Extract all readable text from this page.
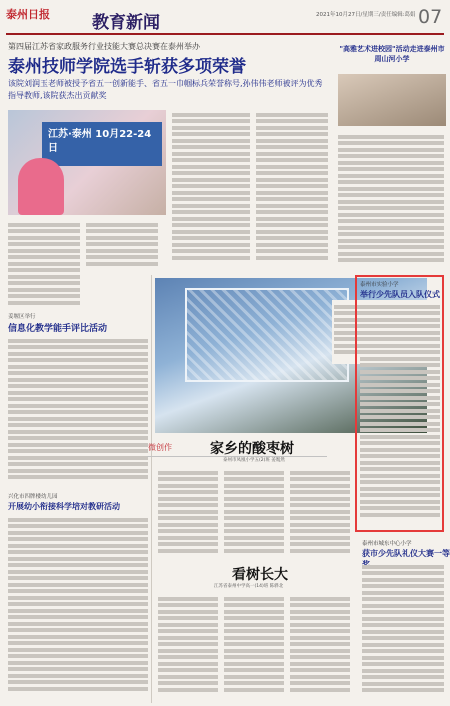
泰州日报 教育新闻	2021年10月27日/星期三/责任编辑:葛娟 07
第四届江苏省家政服务行业技能大赛总决赛在泰州举办
泰州技师学院选手斩获多项荣誉
该院刘润玉老师被授予省五一创新能手、省五一巾帼标兵荣誉称号,孙伟伟老师被评为优秀指导教师,该院获杰出贡献奖
江苏·泰州 10月22-24日
"高雅艺术进校园"活动走进泰州市周山河小学
姜堰区举行
信息化教学能手评比活动
兴化市四牌楼幼儿园
开展幼小衔接科学培对教研活动
微创作	家乡的酸枣树
泰州市凤凰小学五(2)班 姜胤然
看树长大
江苏省泰州中学高一(14)班 陈骅北
泰州市实验小学
举行少先队员入队仪式
泰州市城东中心小学
获市少先队礼仪大赛一等
